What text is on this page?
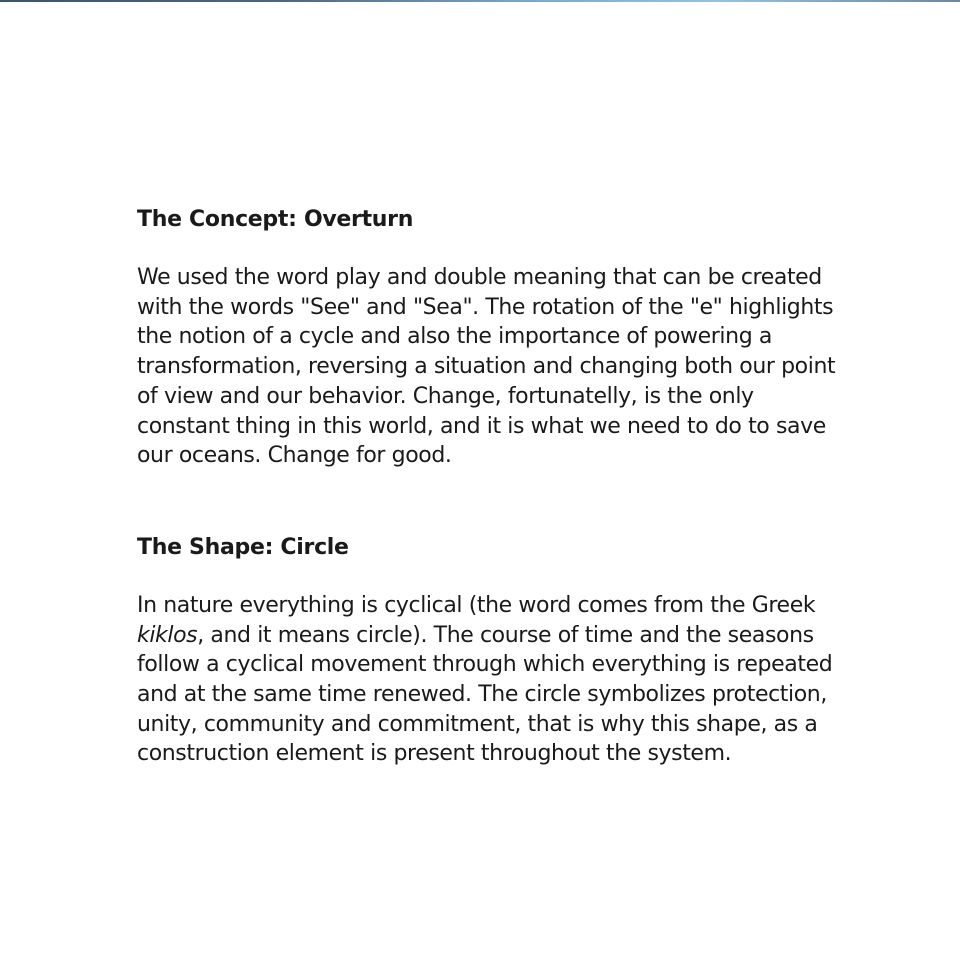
The Concept: Overturn

We used the word play and double meaning that can be created with the words "See" and "Sea". The rotation of the "e" highlights the notion of a cycle and also the importance of powering a transformation, reversing a situation and changing both our point of view and our behavior. Change, fortunatelly, is the only constant thing in this world, and it is what we need to do to save our oceans. Change for good.

The Shape: Circle

In nature everything is cyclical (the word comes from the Greek kiklos, and it means circle). The course of time and the seasons follow a cyclical movement through which everything is repeated and at the same time renewed. The circle symbolizes protection, unity, community and commitment, that is why this shape, as a construction element is present throughout the system.
